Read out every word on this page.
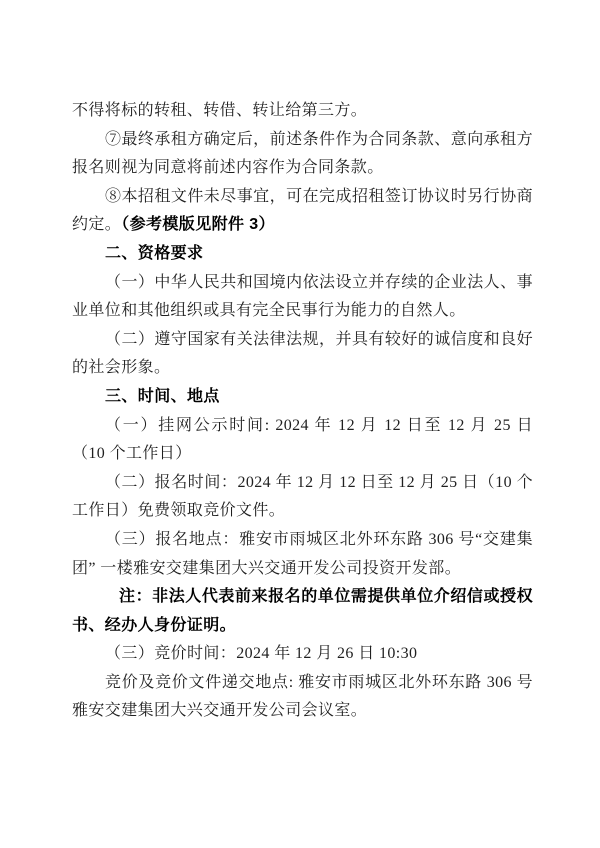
不得将标的转租、转借、转让给第三方。

⑦最终承租方确定后，前述条件作为合同条款、意向承租方报名则视为同意将前述内容作为合同条款。

⑧本招租文件未尽事宜，可在完成招租签订协议时另行协商约定。（参考模版见附件 3）

二、资格要求

（一）中华人民共和国境内依法设立并存续的企业法人、事业单位和其他组织或具有完全民事行为能力的自然人。

（二）遵守国家有关法律法规，并具有较好的诚信度和良好的社会形象。

三、时间、地点

（一）挂网公示时间: 2024 年 12 月 12 日至 12 月 25 日（10 个工作日）

（二）报名时间：2024 年 12 月 12 日至 12 月 25 日（10 个工作日）免费领取竞价文件。

（三）报名地点：雅安市雨城区北外环东路 306 号“交建集团” 一楼雅安交建集团大兴交通开发公司投资开发部。

注：非法人代表前来报名的单位需提供单位介绍信或授权书、经办人身份证明。

（三）竞价时间：2024 年 12 月 26 日 10:30

竞价及竞价文件递交地点: 雅安市雨城区北外环东路 306 号雅安交建集团大兴交通开发公司会议室。
